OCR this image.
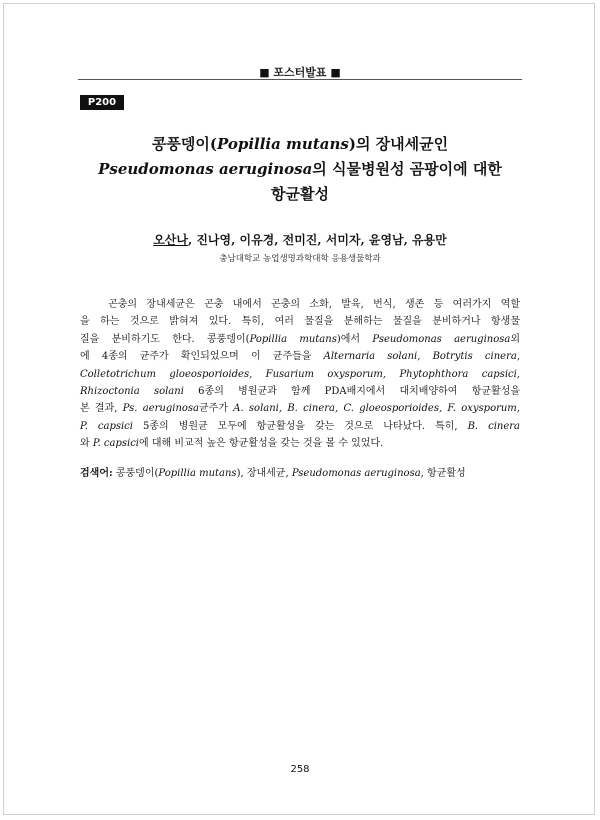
■ 포스터발표 ■
P200
콩풍뎅이(Popillia mutans)의 장내세균인
Pseudomonas aeruginosa의 식물병원성 곰팡이에 대한
항균활성
오산나, 진나영, 이유경, 전미진, 서미자, 윤영남, 유용만
충남대학교 농업생명과학대학 응용생물학과
곤충의 장내세균은 곤충 내에서 곤충의 소화, 발육, 번식, 생존 등 여러가지 역할
을 하는 것으로 밝혀져 있다. 특히, 여러 물질을 분해하는 물질을 분비하거나 항생물
질을 분비하기도 한다. 콩풍뎅이(Popillia mutans)에서 Pseudomonas aeruginosa외
에 4종의 균주가 확인되었으며 이 균주들을 Alternaria solani, Botrytis cinera,
Colletotrichum gloeosporioides, Fusarium oxysporum, Phytophthora capsici,
Rhizoctonia solani 6종의 병원균과 함께 PDA배지에서 대치배양하여 항균활성을
본 결과, Ps. aeruginosa균주가 A. solani, B. cinera, C. gloeosporioides, F. oxysporum,
P. capsici 5종의 병원균 모두에 항균활성을 갖는 것으로 나타났다. 특히, B. cinera
와 P. capsici에 대해 비교적 높은 항균활성을 갖는 것을 볼 수 있었다.
검색어: 콩풍뎅이(Popillia mutans), 장내세균, Pseudomonas aeruginosa, 항균활성
258
